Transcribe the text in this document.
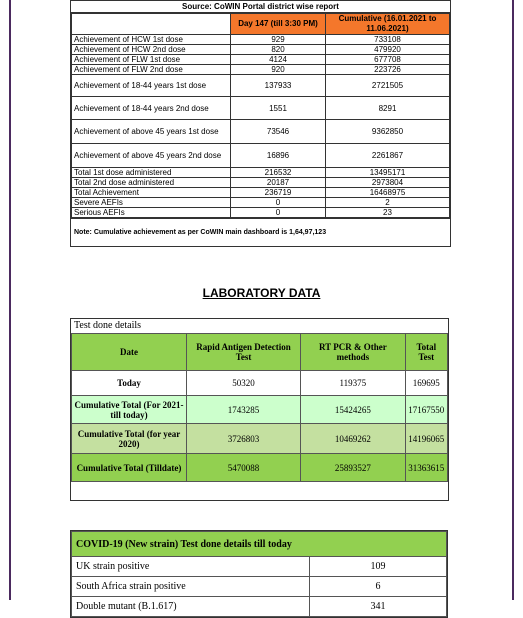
Source: CoWIN Portal district wise report
	Day 147 (till 3:30 PM)	Cumulative (16.01.2021 to 11.06.2021)
Achievement of HCW 1st dose	929	733108
Achievement of HCW 2nd dose	820	479920
Achievement of FLW 1st dose	4124	677708
Achievement of FLW 2nd dose	920	223726
Achievement of 18-44 years 1st dose	137933	2721505
Achievement of 18-44 years 2nd dose	1551	8291
Achievement of above 45 years 1st dose	73546	9362850
Achievement of above 45 years 2nd dose	16896	2261867
Total 1st dose administered	216532	13495171
Total 2nd dose administered	20187	2973804
Total Achievement	236719	16468975
Severe AEFIs	0	2
Serious AEFIs	0	23
Note: Cumulative achievement as per CoWIN main dashboard is 1,64,97,123
LABORATORY DATA
Test done details
Date	Rapid Antigen Detection Test	RT PCR & Other methods	Total Test
Today	50320	119375	169695
Cumulative Total (For 2021- till today)	1743285	15424265	17167550
Cumulative Total (for year 2020)	3726803	10469262	14196065
Cumulative Total (Tilldate)	5470088	25893527	31363615
COVID-19 (New strain) Test done details till today	
UK strain positive	109
South Africa strain positive	6
Double mutant (B.1.617)	341
